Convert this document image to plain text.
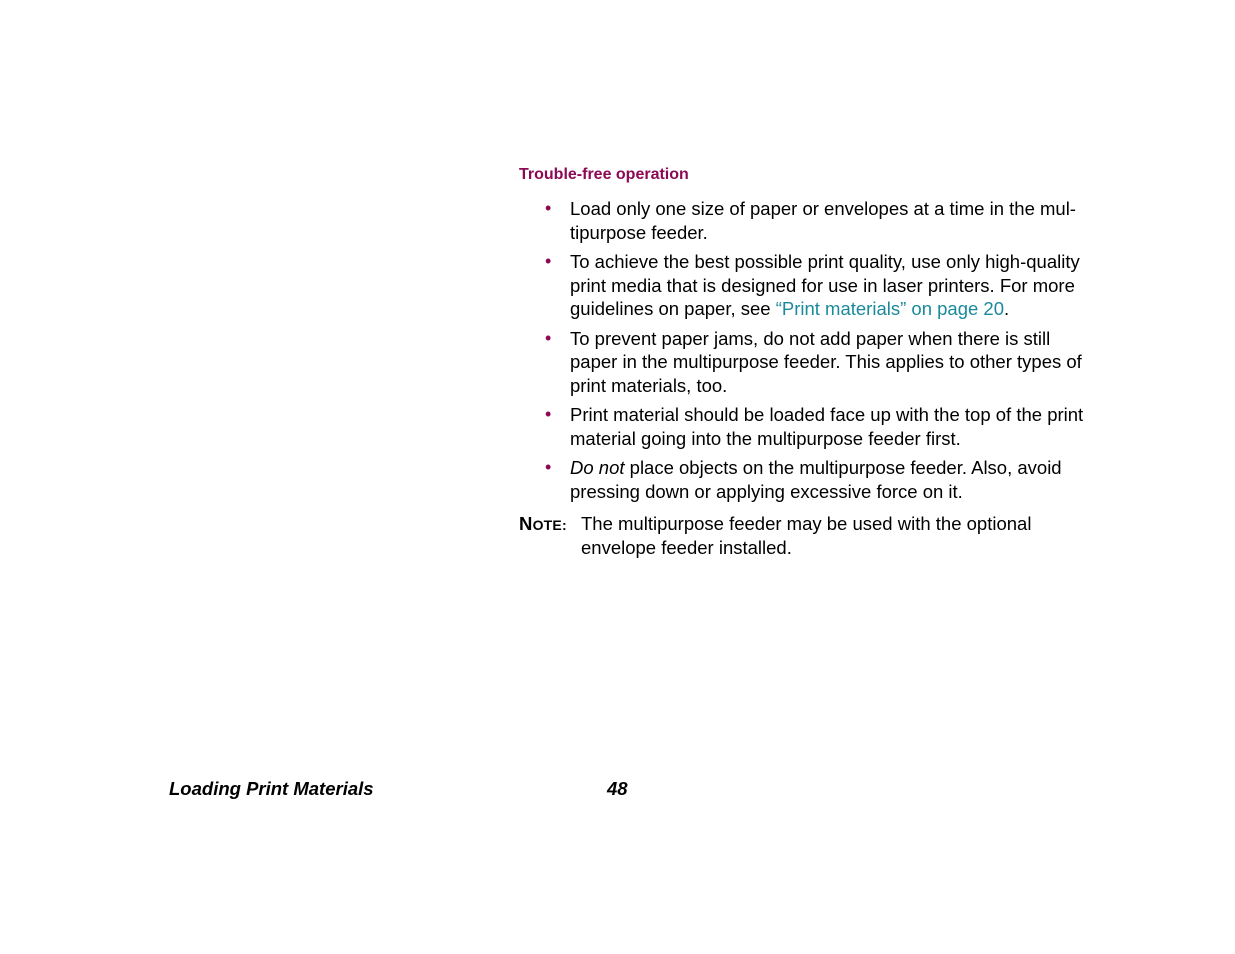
Trouble-free operation
• Load only one size of paper or envelopes at a time in the mul-tipurpose feeder.
• To achieve the best possible print quality, use only high-quality print media that is designed for use in laser printers. For more guidelines on paper, see “Print materials” on page 20.
• To prevent paper jams, do not add paper when there is still paper in the multipurpose feeder. This applies to other types of print materials, too.
• Print material should be loaded face up with the top of the print material going into the multipurpose feeder first.
• Do not place objects on the multipurpose feeder. Also, avoid pressing down or applying excessive force on it.
NOTE: The multipurpose feeder may be used with the optional envelope feeder installed.
Loading Print Materials	48
